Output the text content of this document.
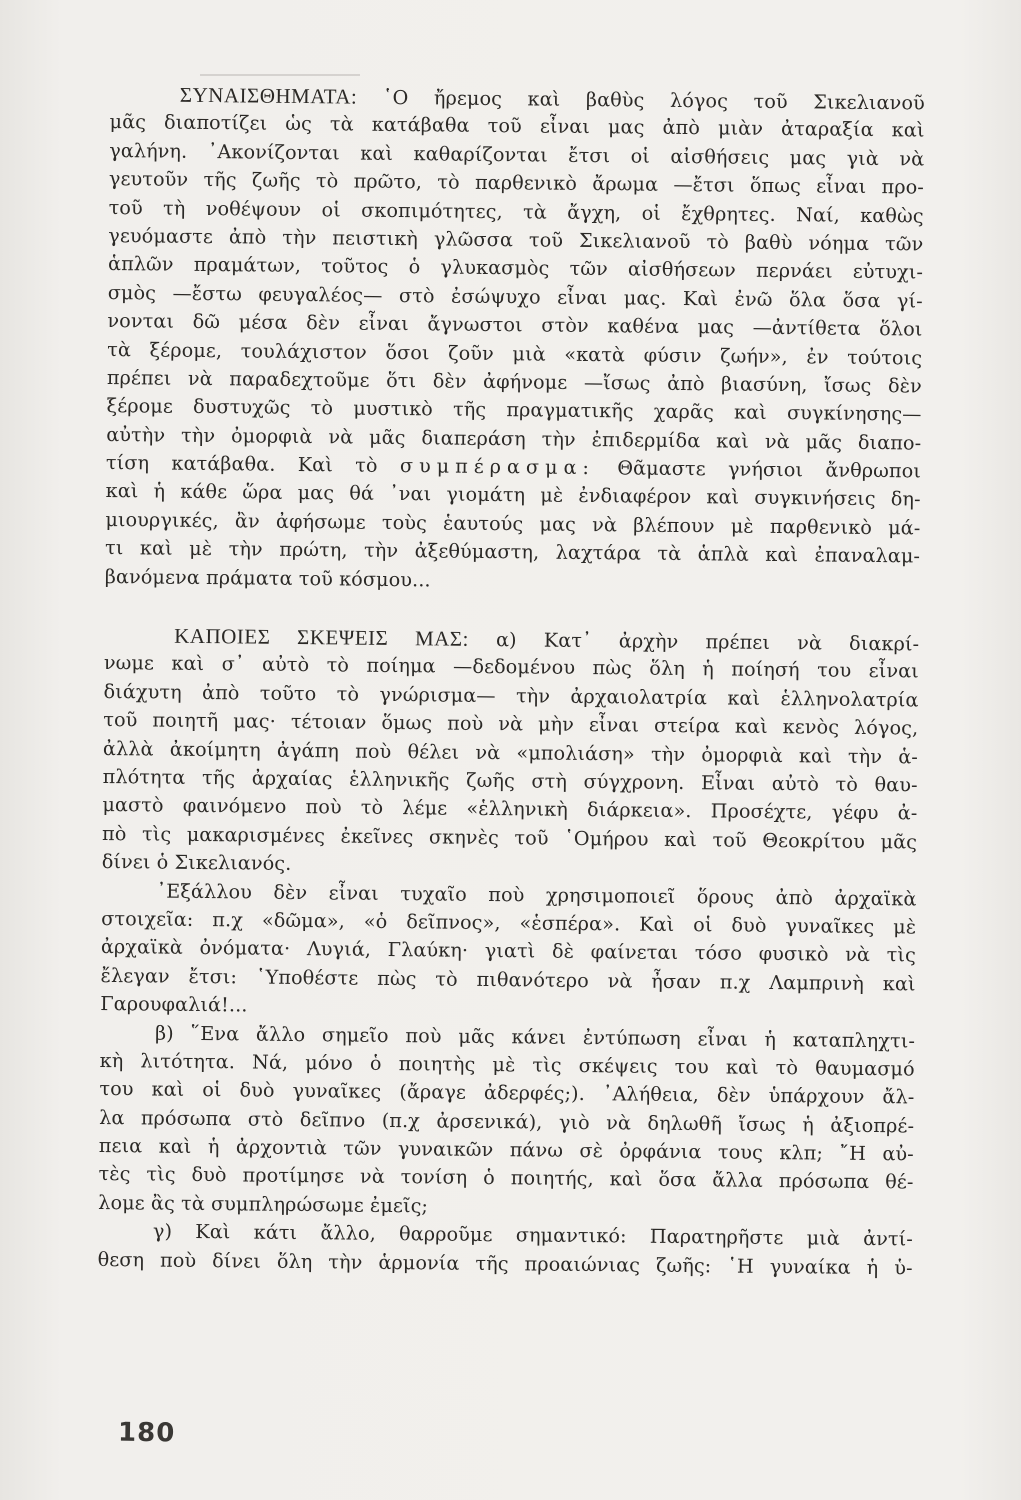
ΣΥΝΑΙΣΘΗΜΑΤΑ: ῾Ο ἤρεμος καὶ βαθὺς λόγος τοῦ Σικελιανοῦ
μᾶς διαποτίζει ὡς τὰ κατάβαθα τοῦ εἶναι μας ἀπὸ μιὰν ἀταραξία καὶ
γαλήνη. ᾿Ακονίζονται καὶ καθαρίζονται ἔτσι οἱ αἰσθήσεις μας γιὰ νὰ
γευτοῦν τῆς ζωῆς τὸ πρῶτο, τὸ παρθενικὸ ἄρωμα —ἔτσι ὅπως εἶναι προ-
τοῦ τὴ νοθέψουν οἱ σκοπιμότητες, τὰ ἄγχη, οἱ ἔχθρητες. Ναί, καθὼς
γευόμαστε ἀπὸ τὴν πειστικὴ γλῶσσα τοῦ Σικελιανοῦ τὸ βαθὺ νόημα τῶν
ἁπλῶν πραμάτων, τοῦτος ὁ γλυκασμὸς τῶν αἰσθήσεων περνάει εὐτυχι-
σμὸς —ἔστω φευγαλέος— στὸ ἐσώψυχο εἶναι μας. Καὶ ἐνῶ ὅλα ὅσα γί-
νονται δῶ μέσα δὲν εἶναι ἄγνωστοι στὸν καθένα μας —ἀντίθετα ὅλοι
τὰ ξέρομε, τουλάχιστον ὅσοι ζοῦν μιὰ «κατὰ φύσιν ζωήν», ἐν τούτοις
πρέπει νὰ παραδεχτοῦμε ὅτι δὲν ἀφήνομε —ἴσως ἀπὸ βιασύνη, ἴσως δὲν
ξέρομε δυστυχῶς τὸ μυστικὸ τῆς πραγματικῆς χαρᾶς καὶ συγκίνησης—
αὐτὴν τὴν ὀμορφιὰ νὰ μᾶς διαπεράση τὴν ἐπιδερμίδα καὶ νὰ μᾶς διαπο-
τίση κατάβαθα. Καὶ τὸ συμπέρασμα: Θᾶμαστε γνήσιοι ἄνθρωποι
καὶ ἡ κάθε ὥρα μας θά ᾿ναι γιομάτη μὲ ἐνδιαφέρον καὶ συγκινήσεις δη-
μιουργικές, ἂν ἀφήσωμε τοὺς ἑαυτούς μας νὰ βλέπουν μὲ παρθενικὸ μά-
τι καὶ μὲ τὴν πρώτη, τὴν ἀξεθύμαστη, λαχτάρα τὰ ἁπλὰ καὶ ἐπαναλαμ-
βανόμενα πράματα τοῦ κόσμου...
ΚΑΠΟΙΕΣ ΣΚΕΨΕΙΣ ΜΑΣ: α) Κατ᾿ ἀρχὴν πρέπει νὰ διακρί-
νωμε καὶ σ᾿ αὐτὸ τὸ ποίημα —δεδομένου πὼς ὅλη ἡ ποίησή του εἶναι
διάχυτη ἀπὸ τοῦτο τὸ γνώρισμα— τὴν ἀρχαιολατρία καὶ ἑλληνολατρία
τοῦ ποιητῆ μας· τέτοιαν ὅμως ποὺ νὰ μὴν εἶναι στείρα καὶ κενὸς λόγος,
ἀλλὰ ἀκοίμητη ἀγάπη ποὺ θέλει νὰ «μπολιάση» τὴν ὀμορφιὰ καὶ τὴν ἁ-
πλότητα τῆς ἀρχαίας ἑλληνικῆς ζωῆς στὴ σύγχρονη. Εἶναι αὐτὸ τὸ θαυ-
μαστὸ φαινόμενο ποὺ τὸ λέμε «ἑλληνικὴ διάρκεια». Προσέχτε, γέφυ ἀ-
πὸ τὶς μακαρισμένες ἐκεῖνες σκηνὲς τοῦ ῾Ομήρου καὶ τοῦ Θεοκρίτου μᾶς
δίνει ὁ Σικελιανός.
᾿Εξάλλου δὲν εἶναι τυχαῖο ποὺ χρησιμοποιεῖ ὅρους ἀπὸ ἀρχαϊκὰ
στοιχεῖα: π.χ «δῶμα», «ὁ δεῖπνος», «ἑσπέρα». Καὶ οἱ δυὸ γυναῖκες μὲ
ἀρχαϊκὰ ὀνόματα· Λυγιά, Γλαύκη· γιατὶ δὲ φαίνεται τόσο φυσικὸ νὰ τὶς
ἔλεγαν ἔτσι: ῾Υποθέστε πὼς τὸ πιθανότερο νὰ ἦσαν π.χ Λαμπρινὴ καὶ
Γαρουφαλιά!...
β) ῞Ενα ἄλλο σημεῖο ποὺ μᾶς κάνει ἐντύπωση εἶναι ἡ καταπληχτι-
κὴ λιτότητα. Νά, μόνο ὁ ποιητὴς μὲ τὶς σκέψεις του καὶ τὸ θαυμασμό
του καὶ οἱ δυὸ γυναῖκες (ἄραγε ἀδερφές;). ᾿Αλήθεια, δὲν ὑπάρχουν ἄλ-
λα πρόσωπα στὸ δεῖπνο (π.χ ἀρσενικά), γιὸ νὰ δηλωθῆ ἴσως ἡ ἀξιοπρέ-
πεια καὶ ἡ ἀρχοντιὰ τῶν γυναικῶν πάνω σὲ ὀρφάνια τους κλπ; ῎Η αὐ-
τὲς τὶς δυὸ προτίμησε νὰ τονίση ὁ ποιητής, καὶ ὅσα ἄλλα πρόσωπα θέ-
λομε ἂς τὰ συμπληρώσωμε ἐμεῖς;
γ) Καὶ κάτι ἄλλο, θαρροῦμε σημαντικό: Παρατηρῆστε μιὰ ἀντί-
θεση ποὺ δίνει ὅλη τὴν ἁρμονία τῆς προαιώνιας ζωῆς: ῾Η γυναίκα ἡ ὑ-
180
